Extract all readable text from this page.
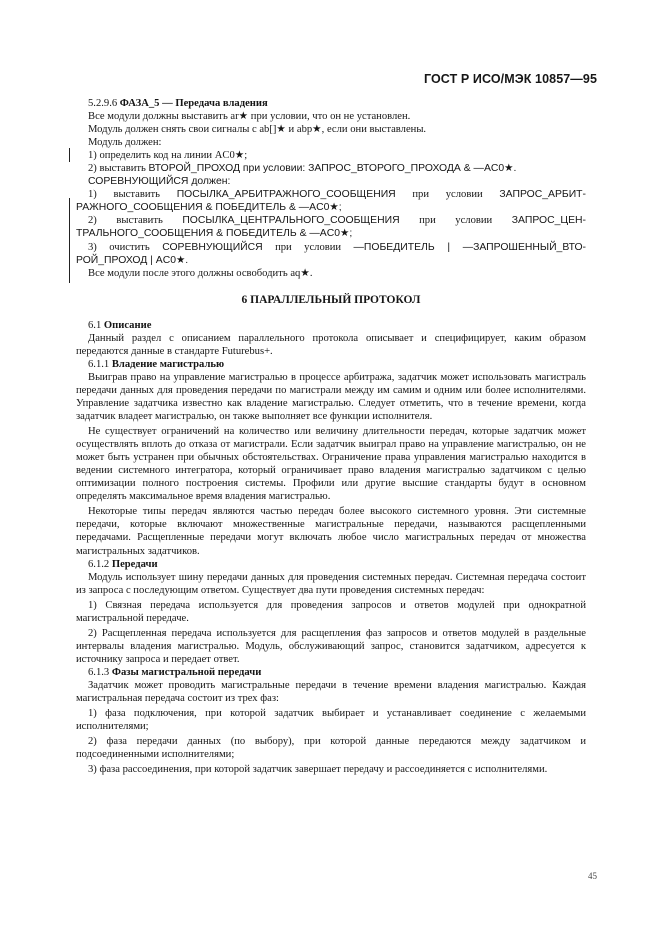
ГОСТ Р ИСО/МЭК 10857—95

5.2.9.6 ФАЗА_5 — Передача владения

Все модули должны выставить ar★ при условии, что он не установлен.

Модуль должен снять свои сигналы с ab[]★ и abp★, если они выставлены.

Модуль должен:

1) определить код на линии AC0★;

2) выставить ВТОРОЙ_ПРОХОД при условии: ЗАПРОС_ВТОРОГО_ПРОХОДА & —AC0★.

СОРЕВНУЮЩИЙСЯ должен:

1) выставить ПОСЫЛКА_АРБИТРАЖНОГО_СООБЩЕНИЯ при условии ЗАПРОС_АРБИТ-

РАЖНОГО_СООБЩЕНИЯ & ПОБЕДИТЕЛЬ & —AC0★;

2) выставить ПОСЫЛКА_ЦЕНТРАЛЬНОГО_СООБЩЕНИЯ при условии ЗАПРОС_ЦЕН-

ТРАЛЬНОГО_СООБЩЕНИЯ & ПОБЕДИТЕЛЬ & —AC0★;

3) очистить СОРЕВНУЮЩИЙСЯ при условии —ПОБЕДИТЕЛЬ | —ЗАПРОШЕННЫЙ_ВТО-

РОЙ_ПРОХОД | AC0★.

Все модули после этого должны освободить aq★.

6 ПАРАЛЛЕЛЬНЫЙ ПРОТОКОЛ

6.1 Описание

Данный раздел с описанием параллельного протокола описывает и специфицирует, каким образом передаются данные в стандарте Futurebus+.

6.1.1 Владение магистралью

Выиграв право на управление магистралью в процессе арбитража, задатчик может использовать магистраль передачи данных для проведения передачи по магистрали между им самим и одним или более исполнителями. Управление задатчика известно как владение магистралью. Следует отметить, что в течение времени, когда задатчик владеет магистралью, он также выполняет все функции исполнителя.

Не существует ограничений на количество или величину длительности передач, которые задатчик может осуществлять вплоть до отказа от магистрали. Если задатчик выиграл право на управление магистралью, он не может быть устранен при обычных обстоятельствах. Ограничение права управления магистралью находится в ведении системного интегратора, который ограничивает право владения магистралью задатчиком с целью оптимизации полного построения системы. Профили или другие высшие стандарты будут в основном определять максимальное время владения магистралью.

Некоторые типы передач являются частью передач более высокого системного уровня. Эти системные передачи, которые включают множественные магистральные передачи, называются расщепленными передачами. Расщепленные передачи могут включать любое число магистральных передач от множества магистральных задатчиков.

6.1.2 Передачи

Модуль использует шину передачи данных для проведения системных передач. Системная передача состоит из запроса с последующим ответом. Существует два пути проведения системных передач:

1) Связная передача используется для проведения запросов и ответов модулей при однократной магистральной передаче.

2) Расщепленная передача используется для расщепления фаз запросов и ответов модулей в раздельные интервалы владения магистралью. Модуль, обслуживающий запрос, становится задатчиком, адресуется к источнику запроса и передает ответ.

6.1.3 Фазы магистральной передачи

Задатчик может проводить магистральные передачи в течение времени владения магистралью. Каждая магистральная передача состоит из трех фаз:

1) фаза подключения, при которой задатчик выбирает и устанавливает соединение с желаемыми исполнителями;

2) фаза передачи данных (по выбору), при которой данные передаются между задатчиком и подсоединенными исполнителями;

3) фаза рассоединения, при которой задатчик завершает передачу и рассоединяется с исполнителями.

45
